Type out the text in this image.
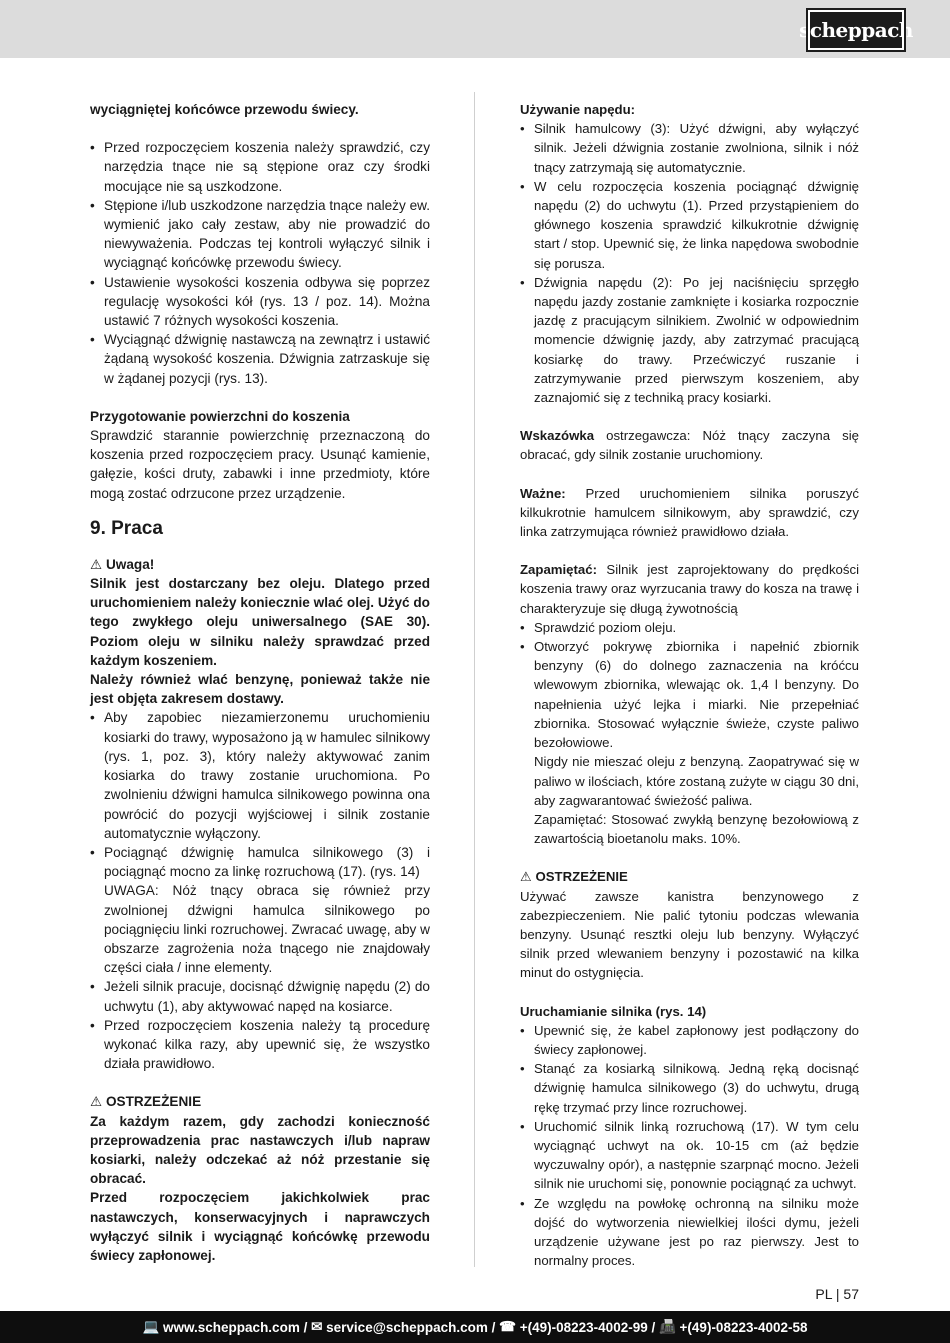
scheppach

wyciągniętej końcówce przewodu świecy.

• Przed rozpoczęciem koszenia należy sprawdzić, czy narzędzia tnące nie są stępione oraz czy środki mocujące nie są uszkodzone.
• Stępione i/lub uszkodzone narzędzia tnące należy ew. wymienić jako cały zestaw, aby nie prowadzić do niewyważenia. Podczas tej kontroli wyłączyć silnik i wyciągnąć końcówkę przewodu świecy.
• Ustawienie wysokości koszenia odbywa się poprzez regulację wysokości kół (rys. 13 / poz. 14). Można ustawić 7 różnych wysokości koszenia.
• Wyciągnąć dźwignię nastawczą na zewnątrz i ustawić żądaną wysokość koszenia. Dźwignia zatrzaskuje się w żądanej pozycji (rys. 13).

Przygotowanie powierzchni do koszenia

Sprawdzić starannie powierzchnię przeznaczoną do koszenia przed rozpoczęciem pracy. Usunąć kamienie, gałęzie, kości druty, zabawki i inne przedmioty, które mogą zostać odrzucone przez urządzenie.

9. Praca

⚠ Uwaga!

Silnik jest dostarczany bez oleju. Dlatego przed uruchomieniem należy koniecznie wlać olej. Użyć do tego zwykłego oleju uniwersalnego (SAE 30). Poziom oleju w silniku należy sprawdzać przed każdym koszeniem.

Należy również wlać benzynę, ponieważ także nie jest objęta zakresem dostawy.

• Aby zapobiec niezamierzonemu uruchomieniu kosiarki do trawy, wyposażono ją w hamulec silnikowy (rys. 1, poz. 3), który należy aktywować zanim kosiarka do trawy zostanie uruchomiona. Po zwolnieniu dźwigni hamulca silnikowego powinna ona powrócić do pozycji wyjściowej i silnik zostanie automatycznie wyłączony.
• Pociągnąć dźwignię hamulca silnikowego (3) i pociągnąć mocno za linkę rozruchową (17). (rys. 14)
UWAGA: Nóż tnący obraca się również przy zwolnionej dźwigni hamulca silnikowego po pociągnięciu linki rozruchowej. Zwracać uwagę, aby w obszarze zagrożenia noża tnącego nie znajdowały części ciała / inne elementy.
• Jeżeli silnik pracuje, docisnąć dźwignię napędu (2) do uchwytu (1), aby aktywować napęd na kosiarce.
• Przed rozpoczęciem koszenia należy tą procedurę wykonać kilka razy, aby upewnić się, że wszystko działa prawidłowo.

⚠ OSTRZEŻENIE

Za każdym razem, gdy zachodzi konieczność przeprowadzenia prac nastawczych i/lub napraw kosiarki, należy odczekać aż nóż przestanie się obracać.

Przed rozpoczęciem jakichkolwiek prac nastawczych, konserwacyjnych i naprawczych wyłączyć silnik i wyciągnąć końcówkę przewodu świecy zapłonowej.

Używanie napędu:

• Silnik hamulcowy (3): Użyć dźwigni, aby wyłączyć silnik. Jeżeli dźwignia zostanie zwolniona, silnik i nóż tnący zatrzymają się automatycznie.
• W celu rozpoczęcia koszenia pociągnąć dźwignię napędu (2) do uchwytu (1). Przed przystąpieniem do głównego koszenia sprawdzić kilkukrotnie dźwignię start / stop. Upewnić się, że linka napędowa swobodnie się porusza.
• Dźwignia napędu (2): Po jej naciśnięciu sprzęgło napędu jazdy zostanie zamknięte i kosiarka rozpocznie jazdę z pracującym silnikiem. Zwolnić w odpowiednim momencie dźwignię jazdy, aby zatrzymać pracującą kosiarkę do trawy. Przećwiczyć ruszanie i zatrzymywanie przed pierwszym koszeniem, aby zaznajomić się z techniką pracy kosiarki.

Wskazówka ostrzegawcza: Nóż tnący zaczyna się obracać, gdy silnik zostanie uruchomiony.

Ważne: Przed uruchomieniem silnika poruszyć kilkukrotnie hamulcem silnikowym, aby sprawdzić, czy linka zatrzymująca również prawidłowo działa.

Zapamiętać: Silnik jest zaprojektowany do prędkości koszenia trawy oraz wyrzucania trawy do kosza na trawę i charakteryzuje się długą żywotnością

• Sprawdzić poziom oleju.
• Otworzyć pokrywę zbiornika i napełnić zbiornik benzyny (6) do dolnego zaznaczenia na króćcu wlewowym zbiornika, wlewając ok. 1,4 l benzyny. Do napełnienia użyć lejka i miarki. Nie przepełniać zbiornika. Stosować wyłącznie świeże, czyste paliwo bezołowiowe.
Nigdy nie mieszać oleju z benzyną. Zaopatrywać się w paliwo w ilościach, które zostaną zużyte w ciągu 30 dni, aby zagwarantować świeżość paliwa.
Zapamiętać: Stosować zwykłą benzynę bezołowiową z zawartością bioetanolu maks. 10%.

⚠ OSTRZEŻENIE

Używać zawsze kanistra benzynowego z zabezpieczeniem. Nie palić tytoniu podczas wlewania benzyny. Usunąć resztki oleju lub benzyny. Wyłączyć silnik przed wlewaniem benzyny i pozostawić na kilka minut do ostygnięcia.

Uruchamianie silnika (rys. 14)

• Upewnić się, że kabel zapłonowy jest podłączony do świecy zapłonowej.
• Stanąć za kosiarką silnikową. Jedną ręką docisnąć dźwignię hamulca silnikowego (3) do uchwytu, drugą rękę trzymać przy lince rozruchowej.
• Uruchomić silnik linką rozruchową (17). W tym celu wyciągnąć uchwyt na ok. 10-15 cm (aż będzie wyczuwalny opór), a następnie szarpnąć mocno. Jeżeli silnik nie uruchomi się, ponownie pociągnąć za uchwyt.
• Ze względu na powłokę ochronną na silniku może dojść do wytworzenia niewielkiej ilości dymu, jeżeli urządzenie używane jest po raz pierwszy. Jest to normalny proces.
PL | 57
💻 www.scheppach.com /
✉ service@scheppach.com /
☎ +(49)-08223-4002-99 /
📠 +(49)-08223-4002-58
